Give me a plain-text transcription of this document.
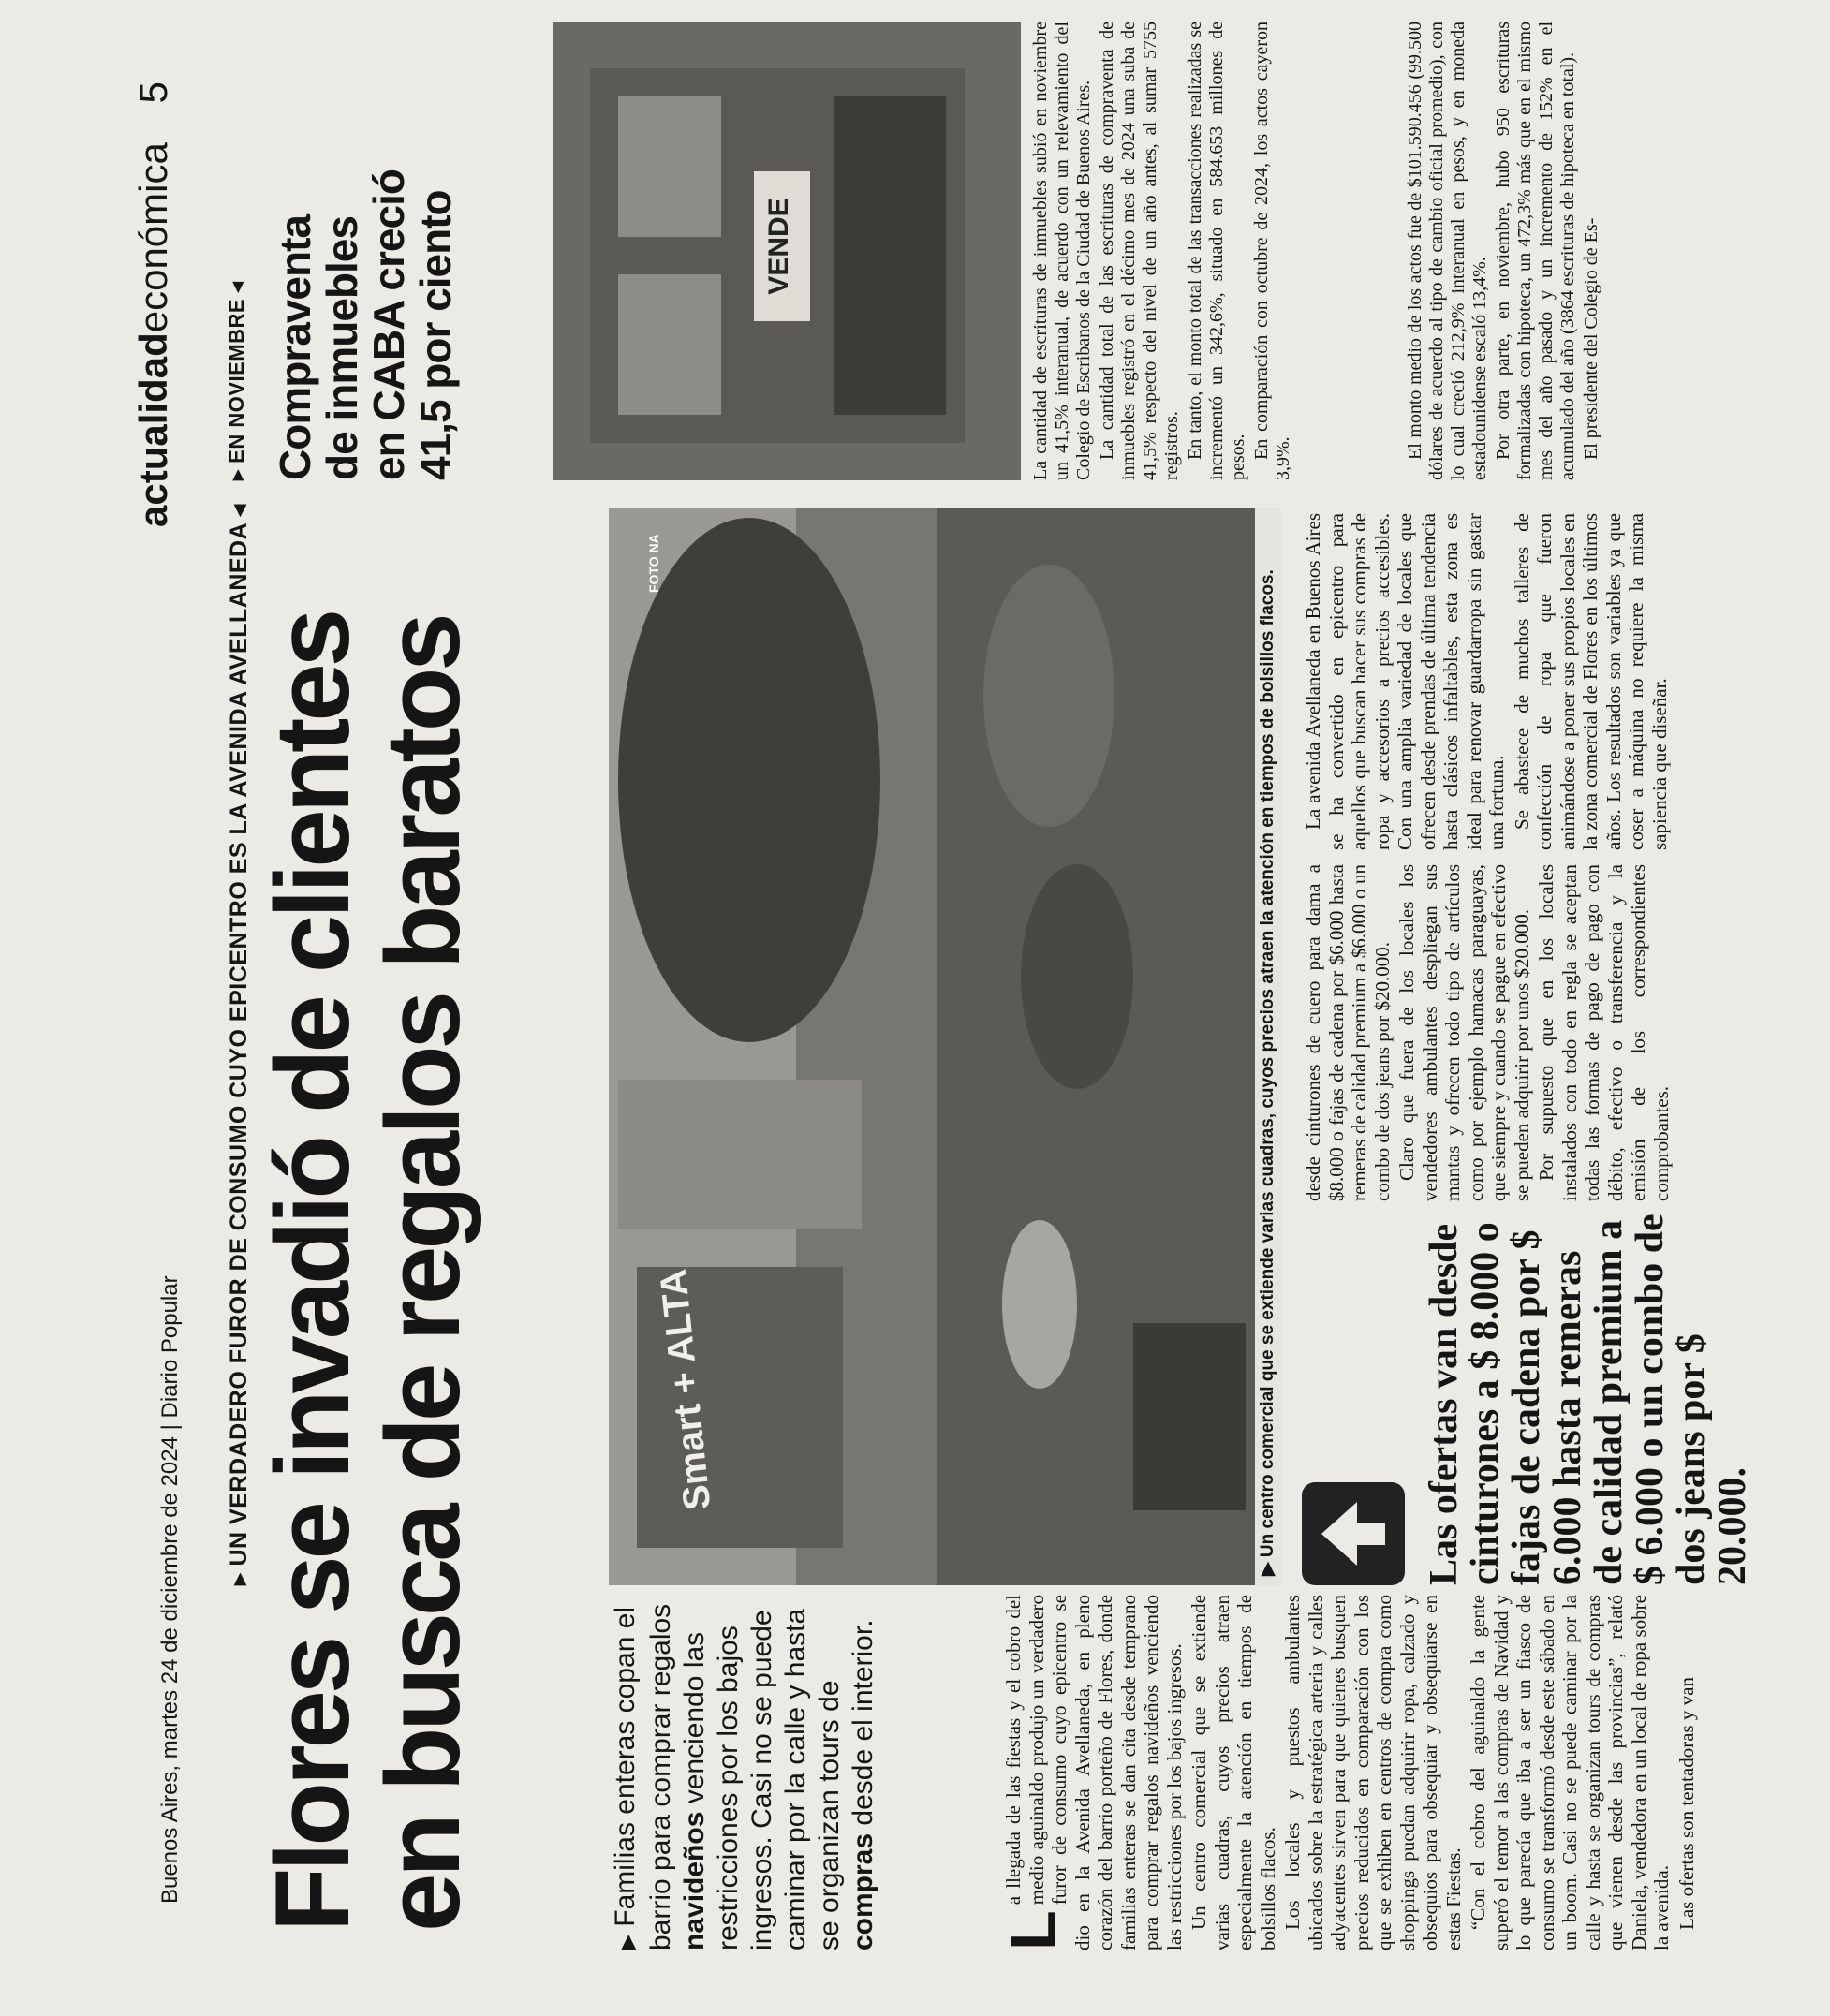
Buenos Aires, martes 24 de diciembre de 2024 | Diario Popular
actualidadeconómica 5
▸ UN VERDADERO FUROR DE CONSUMO CUYO EPICENTRO ES LA AVENIDA AVELLANEDA ◂
Flores se invadió de clientes
en busca de regalos baratos
▶ Familias enteras copan el barrio para comprar regalos navideños venciendo las restricciones por los bajos ingresos. Casi no se puede caminar por la calle y hasta se organizan tours de compras desde el interior.
FOTO NA
Smart + ALTA
▶ Un centro comercial que se extiende varias cuadras, cuyos precios atraen la atención en tiempos de bolsillos flacos.
L

a llegada de las fiestas y el cobro del medio aguinaldo produjo un verdadero furor de consumo cuyo epicentro se dio en la Avenida Avellaneda, en pleno corazón del barrio porteño de Flores, donde familias enteras se dan cita desde temprano para comprar regalos navideños venciendo las restricciones por los bajos ingresos. Un centro comercial que se extiende varias cuadras, cuyos precios atraen especialmente la atención en tiempos de bolsillos flacos. Los locales y puestos ambulantes ubicados sobre la estratégica arteria y calles adyacentes sirven para que quienes busquen precios reducidos en comparación con los que se exhiben en centros de compra como shoppings puedan adquirir ropa, calzado y obsequios para obsequiar y obsequiarse en estas Fiestas. “Con el cobro del aguinaldo la gente superó el temor a las compras de Navidad y lo que parecía que iba a ser un fiasco de consumo se transformó desde este sábado en un boom. Casi no se puede caminar por la calle y hasta se organizan tours de compras que vienen desde las provincias”, relató Daniela, vendedora en un local de ropa sobre la avenida. Las ofertas son tentadoras y van

Las ofertas van desde cinturones a $ 8.000 o fajas de cadena por $ 6.000 hasta remeras de calidad premium a $ 6.000 o un combo de dos jeans por $ 20.000.

desde cinturones de cuero para dama a $8.000 o fajas de cadena por $6.000 hasta remeras de calidad premium a $6.000 o un combo de dos jeans por $20.000. Claro que fuera de los locales los vendedores ambulantes despliegan sus mantas y ofrecen todo tipo de artículos como por ejemplo hamacas paraguayas, que siempre y cuando se pague en efectivo se pueden adquirir por unos $20.000. Por supuesto que en los locales instalados con todo en regla se aceptan todas las formas de pago de pago con débito, efectivo o transferencia y la emisión de los correspondientes comprobantes.

La avenida Avellaneda en Buenos Aires se ha convertido en epicentro para aquellos que buscan hacer sus compras de ropa y accesorios a precios accesibles. Con una amplia variedad de locales que ofrecen desde prendas de última tendencia hasta clásicos infaltables, esta zona es ideal para renovar guardarropa sin gastar una fortuna. Se abastece de muchos talleres de confección de ropa que fueron animándose a poner sus propios locales en la zona comercial de Flores en los últimos años. Los resultados son variables ya que coser a máquina no requiere la misma sapiencia que diseñar.

▸ EN NOVIEMBRE ◂ Compraventa
de inmuebles
en CABA creció
41,5 por ciento	VENDE	La cantidad de escrituras de inmuebles subió en noviembre un 41,5% interanual, de acuerdo con un relevamiento del Colegio de Escribanos de la Ciudad de Buenos Aires. La cantidad total de las escrituras de compraventa de inmuebles registró en el décimo mes de 2024 una suba de 41,5% respecto del nivel de un año antes, al sumar 5755 registros. En tanto, el monto total de las transacciones realizadas se incrementó un 342,6%, situado en 584.653 millones de pesos. En comparación con octubre de 2024, los actos cayeron 3,9%.	El monto medio de los actos fue de $101.590.456 (99.500 dólares de acuerdo al tipo de cambio oficial promedio), con lo cual creció 212,9% interanual en pesos, y en moneda estadounidense escaló 13,4%. Por otra parte, en noviembre, hubo 950 escrituras formalizadas con hipoteca, un 472,3% más que en el mismo mes del año pasado y un incremento de 152% en el acumulado del año (3864 escrituras de hipoteca en total). El presidente del Colegio de Es-
